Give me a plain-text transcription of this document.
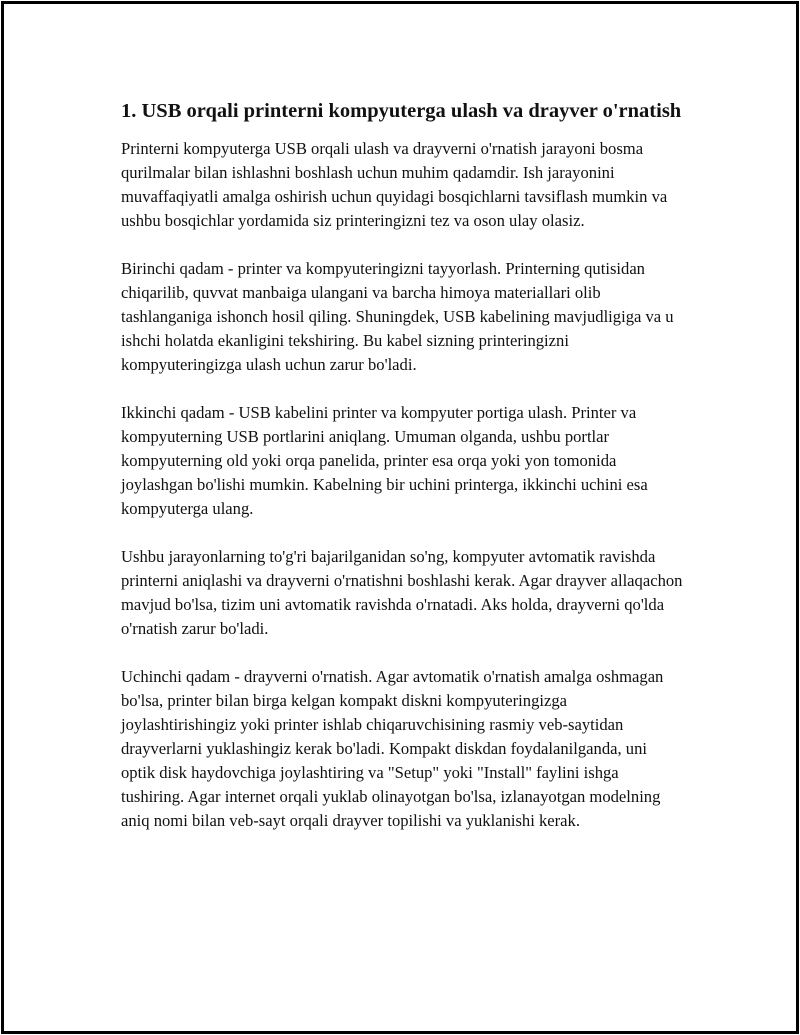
1. USB orqali printerni kompyuterga ulash va drayver o'rnatish

Printerni kompyuterga USB orqali ulash va drayverni o'rnatish jarayoni bosma qurilmalar bilan ishlashni boshlash uchun muhim qadamdir. Ish jarayonini muvaffaqiyatli amalga oshirish uchun quyidagi bosqichlarni tavsiflash mumkin va ushbu bosqichlar yordamida siz printeringizni tez va oson ulay olasiz.

Birinchi qadam - printer va kompyuteringizni tayyorlash. Printerning qutisidan chiqarilib, quvvat manbaiga ulangani va barcha himoya materiallari olib tashlanganiga ishonch hosil qiling. Shuningdek, USB kabelining mavjudligiga va u ishchi holatda ekanligini tekshiring. Bu kabel sizning printeringizni kompyuteringizga ulash uchun zarur bo'ladi.

Ikkinchi qadam - USB kabelini printer va kompyuter portiga ulash. Printer va kompyuterning USB portlarini aniqlang. Umuman olganda, ushbu portlar kompyuterning old yoki orqa panelida, printer esa orqa yoki yon tomonida joylashgan bo'lishi mumkin. Kabelning bir uchini printerga, ikkinchi uchini esa kompyuterga ulang.

Ushbu jarayonlarning to'g'ri bajarilganidan so'ng, kompyuter avtomatik ravishda printerni aniqlashi va drayverni o'rnatishni boshlashi kerak. Agar drayver allaqachon mavjud bo'lsa, tizim uni avtomatik ravishda o'rnatadi. Aks holda, drayverni qo'lda o'rnatish zarur bo'ladi.

Uchinchi qadam - drayverni o'rnatish. Agar avtomatik o'rnatish amalga oshmagan bo'lsa, printer bilan birga kelgan kompakt diskni kompyuteringizga joylashtirishingiz yoki printer ishlab chiqaruvchisining rasmiy veb-saytidan drayverlarni yuklashingiz kerak bo'ladi. Kompakt diskdan foydalanilganda, uni optik disk haydovchiga joylashtiring va "Setup" yoki "Install" faylini ishga tushiring. Agar internet orqali yuklab olinayotgan bo'lsa, izlanayotgan modelning aniq nomi bilan veb-sayt orqali drayver topilishi va yuklanishi kerak.
